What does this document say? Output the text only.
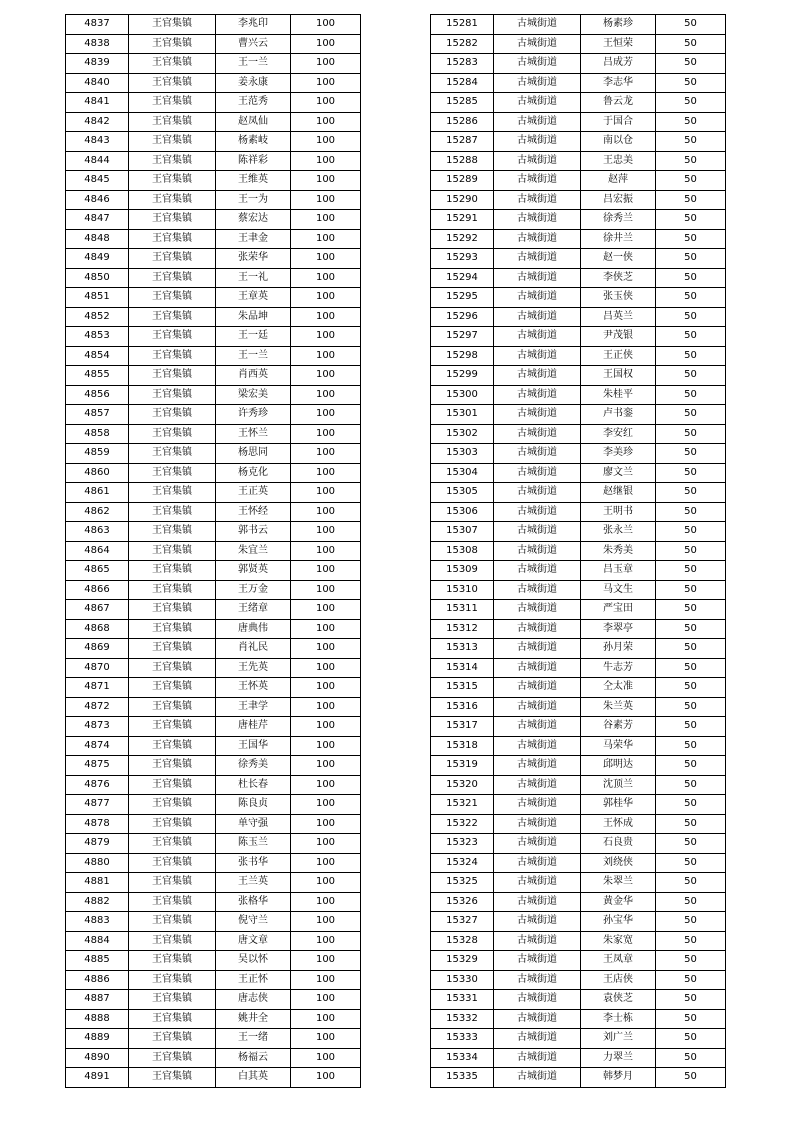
4837	王官集镇	李兆印	100
4838	王官集镇	曹兴云	100
4839	王官集镇	王一兰	100
4840	王官集镇	姜永康	100
4841	王官集镇	王范秀	100
4842	王官集镇	赵凤仙	100
4843	王官集镇	杨素岐	100
4844	王官集镇	陈祥彩	100
4845	王官集镇	王维英	100
4846	王官集镇	王一为	100
4847	王官集镇	蔡宏达	100
4848	王官集镇	王聿金	100
4849	王官集镇	张荣华	100
4850	王官集镇	王一礼	100
4851	王官集镇	王章英	100
4852	王官集镇	朱品坤	100
4853	王官集镇	王一廷	100
4854	王官集镇	王一兰	100
4855	王官集镇	肖西英	100
4856	王官集镇	梁宏美	100
4857	王官集镇	许秀珍	100
4858	王官集镇	王怀兰	100
4859	王官集镇	杨思同	100
4860	王官集镇	杨克化	100
4861	王官集镇	王正英	100
4862	王官集镇	王怀经	100
4863	王官集镇	郭书云	100
4864	王官集镇	朱宜兰	100
4865	王官集镇	郭贤英	100
4866	王官集镇	王万金	100
4867	王官集镇	王绪章	100
4868	王官集镇	唐典伟	100
4869	王官集镇	肖礼民	100
4870	王官集镇	王先英	100
4871	王官集镇	王怀英	100
4872	王官集镇	王聿学	100
4873	王官集镇	唐桂芹	100
4874	王官集镇	王国华	100
4875	王官集镇	徐秀美	100
4876	王官集镇	杜长春	100
4877	王官集镇	陈良贞	100
4878	王官集镇	单守强	100
4879	王官集镇	陈玉兰	100
4880	王官集镇	张书华	100
4881	王官集镇	王兰英	100
4882	王官集镇	张格华	100
4883	王官集镇	倪守兰	100
4884	王官集镇	唐文章	100
4885	王官集镇	吴以怀	100
4886	王官集镇	王正怀	100
4887	王官集镇	唐志侠	100
4888	王官集镇	姚井全	100
4889	王官集镇	王一绪	100
4890	王官集镇	杨福云	100
4891	王官集镇	白其英	100
15281	古城街道	杨素珍	50
15282	古城街道	王恒荣	50
15283	古城街道	吕成芳	50
15284	古城街道	李志华	50
15285	古城街道	鲁云龙	50
15286	古城街道	于国合	50
15287	古城街道	南以仓	50
15288	古城街道	王忠美	50
15289	古城街道	赵萍	50
15290	古城街道	吕宏振	50
15291	古城街道	徐秀兰	50
15292	古城街道	徐井兰	50
15293	古城街道	赵一侠	50
15294	古城街道	李侠芝	50
15295	古城街道	张玉侠	50
15296	古城街道	吕英兰	50
15297	古城街道	尹茂银	50
15298	古城街道	王正侠	50
15299	古城街道	王国权	50
15300	古城街道	朱桂平	50
15301	古城街道	卢书銮	50
15302	古城街道	李安红	50
15303	古城街道	李美珍	50
15304	古城街道	廖文兰	50
15305	古城街道	赵继银	50
15306	古城街道	王明书	50
15307	古城街道	张永兰	50
15308	古城街道	朱秀美	50
15309	古城街道	吕玉章	50
15310	古城街道	马文生	50
15311	古城街道	严宝田	50
15312	古城街道	李翠亭	50
15313	古城街道	孙月荣	50
15314	古城街道	牛志芳	50
15315	古城街道	仝太准	50
15316	古城街道	朱兰英	50
15317	古城街道	谷素芳	50
15318	古城街道	马荣华	50
15319	古城街道	邱明达	50
15320	古城街道	沈顶兰	50
15321	古城街道	郭桂华	50
15322	古城街道	王怀成	50
15323	古城街道	石良贵	50
15324	古城街道	刘绕侠	50
15325	古城街道	朱翠兰	50
15326	古城街道	黄金华	50
15327	古城街道	孙宝华	50
15328	古城街道	朱家宽	50
15329	古城街道	王凤章	50
15330	古城街道	王店侠	50
15331	古城街道	袁侠芝	50
15332	古城街道	李士栋	50
15333	古城街道	刘广兰	50
15334	古城街道	力翠兰	50
15335	古城街道	韩梦月	50
